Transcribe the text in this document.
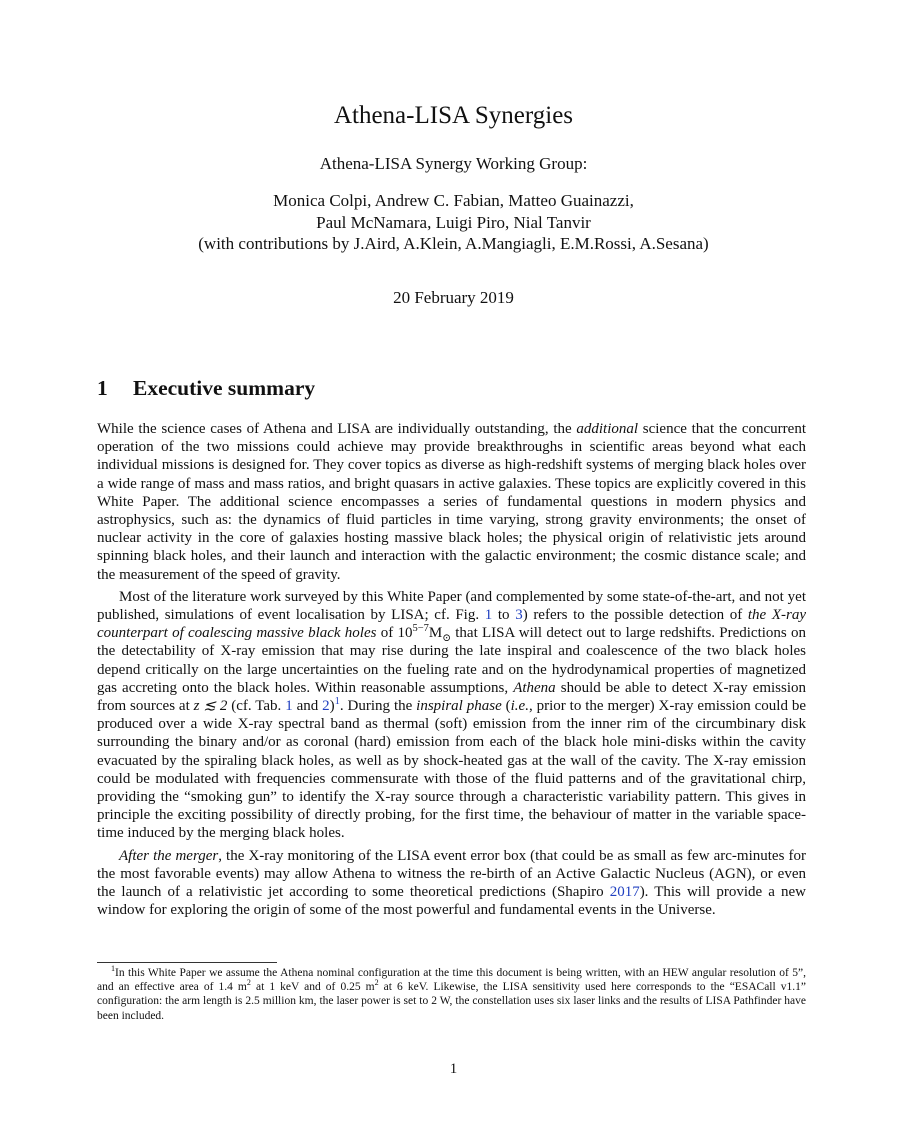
Athena-LISA Synergies
Athena-LISA Synergy Working Group:
Monica Colpi, Andrew C. Fabian, Matteo Guainazzi,
Paul McNamara, Luigi Piro, Nial Tanvir
(with contributions by J.Aird, A.Klein, A.Mangiagli, E.M.Rossi, A.Sesana)
20 February 2019
1 Executive summary

While the science cases of Athena and LISA are individually outstanding, the additional science that the concurrent operation of the two missions could achieve may provide breakthroughs in scientific areas beyond what each individual missions is designed for. They cover topics as diverse as high-redshift systems of merging black holes over a wide range of mass and mass ratios, and bright quasars in active galaxies. These topics are explicitly covered in this White Paper. The additional science encompasses a series of fundamental questions in modern physics and astrophysics, such as: the dynamics of fluid particles in time varying, strong gravity environments; the onset of nuclear activity in the core of galaxies hosting massive black holes; the physical origin of relativistic jets around spinning black holes, and their launch and interaction with the galactic environment; the cosmic distance scale; and the measurement of the speed of gravity.

Most of the literature work surveyed by this White Paper (and complemented by some state-of-the-art, and not yet published, simulations of event localisation by LISA; cf. Fig. 1 to 3) refers to the possible detection of the X-ray counterpart of coalescing massive black holes of $10^{5-7}M_⊙$ that LISA will detect out to large redshifts. Predictions on the detectability of X-ray emission that may rise during the late inspiral and coalescence of the two black holes depend critically on the large uncertainties on the fueling rate and on the hydrodynamical properties of magnetized gas accreting onto the black holes. Within reasonable assumptions, Athena should be able to detect X-ray emission from sources at z ≲ 2 (cf. Tab. 1 and 2)$^1$. During the inspiral phase (i.e., prior to the merger) X-ray emission could be produced over a wide X-ray spectral band as thermal (soft) emission from the inner rim of the circumbinary disk surrounding the binary and/or as coronal (hard) emission from each of the black hole mini-disks within the cavity evacuated by the spiraling black holes, as well as by shock-heated gas at the wall of the cavity. The X-ray emission could be modulated with frequencies commensurate with those of the fluid patterns and of the gravitational chirp, providing the “smoking gun” to identify the X-ray source through a characteristic variability pattern. This gives in principle the exciting possibility of directly probing, for the first time, the behaviour of matter in the variable space-time induced by the merging black holes.

After the merger, the X-ray monitoring of the LISA event error box (that could be as small as few arc-minutes for the most favorable events) may allow Athena to witness the re-birth of an Active Galactic Nucleus (AGN), or even the launch of a relativistic jet according to some theoretical predictions (Shapiro 2017). This will provide a new window for exploring the origin of some of the most powerful and fundamental events in the Universe.

$^1$In this White Paper we assume the Athena nominal configuration at the time this document is being written, with an HEW angular resolution of 5”, and an effective area of 1.4 $m^2$ at 1 keV and of 0.25 $m^2$ at 6 keV. Likewise, the LISA sensitivity used here corresponds to the “ESACall v1.1” configuration: the arm length is 2.5 million km, the laser power is set to 2 W, the constellation uses six laser links and the results of LISA Pathfinder have been included.

1
